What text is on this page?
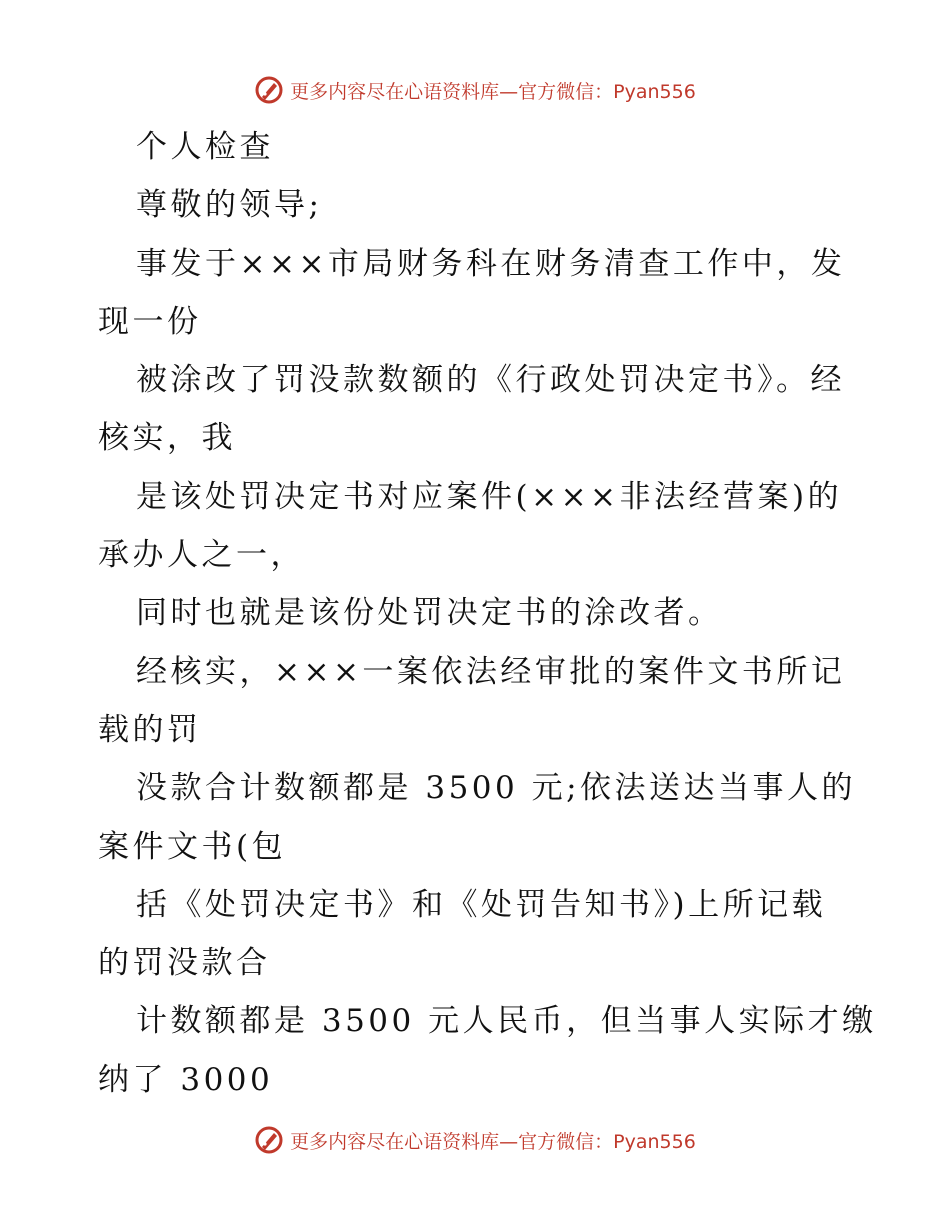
更多内容尽在心语资料库—官方微信：Pyan556
个人检查
尊敬的领导;
事发于×××市局财务科在财务清查工作中，发
现一份
被涂改了罚没款数额的《行政处罚决定书》。经
核实，我
是该处罚决定书对应案件(×××非法经营案)的
承办人之一，
同时也就是该份处罚决定书的涂改者。
经核实，×××一案依法经审批的案件文书所记
载的罚
没款合计数额都是 3500 元;依法送达当事人的
案件文书(包
括《处罚决定书》和《处罚告知书》)上所记载
的罚没款合
计数额都是 3500 元人民币，但当事人实际才缴
纳了 3000
更多内容尽在心语资料库—官方微信：Pyan556
